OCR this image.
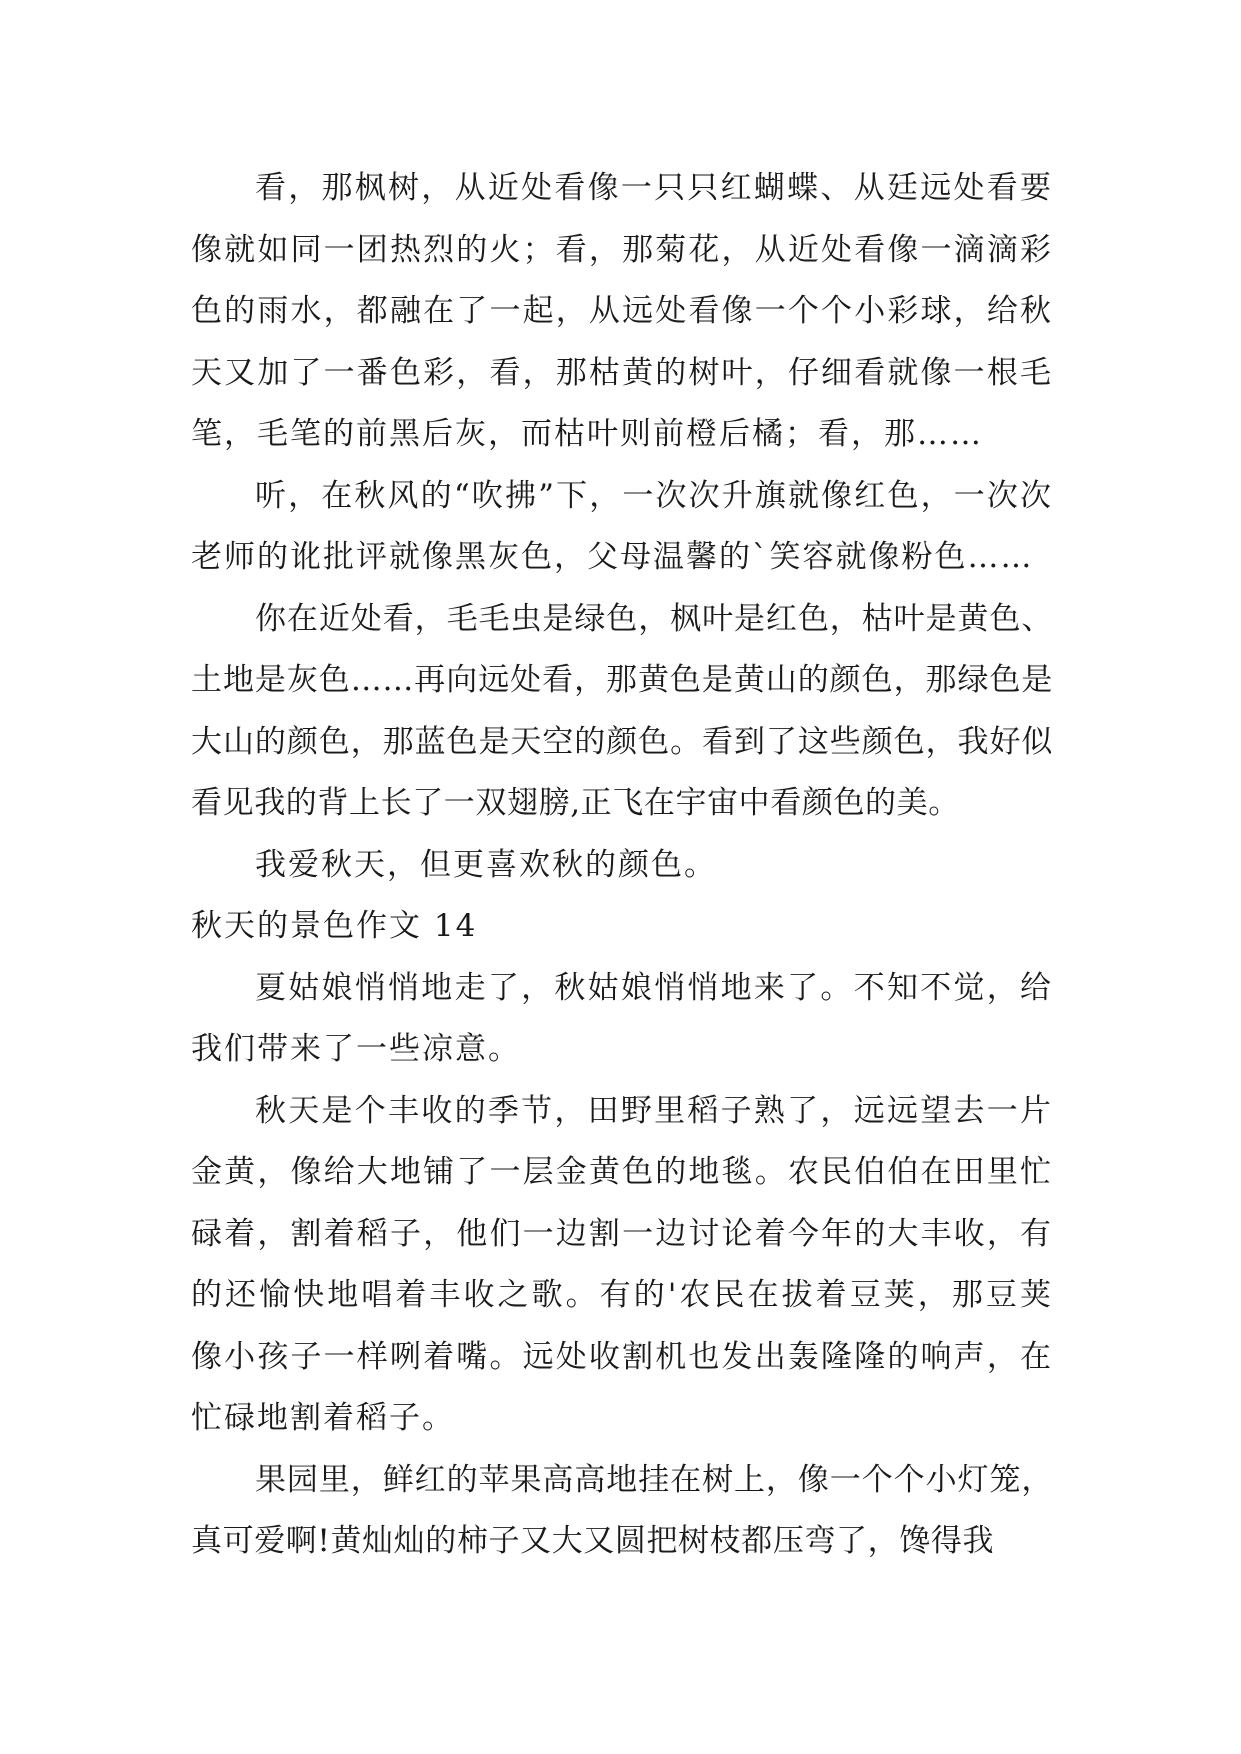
看，那枫树，从近处看像一只只红蝴蝶、从廷远处看要像就如同一团热烈的火；看，那菊花，从近处看像一滴滴彩色的雨水，都融在了一起，从远处看像一个个小彩球，给秋天又加了一番色彩，看，那枯黄的树叶，仔细看就像一根毛笔，毛笔的前黑后灰，而枯叶则前橙后橘；看，那……

听，在秋风的“吹拂”下，一次次升旗就像红色，一次次老师的讹批评就像黑灰色，父母温馨的`笑容就像粉色……

你在近处看，毛毛虫是绿色，枫叶是红色，枯叶是黄色、土地是灰色……再向远处看，那黄色是黄山的颜色，那绿色是大山的颜色，那蓝色是天空的颜色。看到了这些颜色，我好似看见我的背上长了一双翅膀,正飞在宇宙中看颜色的美。

我爱秋天，但更喜欢秋的颜色。

秋天的景色作文 14

夏姑娘悄悄地走了，秋姑娘悄悄地来了。不知不觉，给我们带来了一些凉意。

秋天是个丰收的季节，田野里稻子熟了，远远望去一片金黄，像给大地铺了一层金黄色的地毯。农民伯伯在田里忙碌着，割着稻子，他们一边割一边讨论着今年的大丰收，有的还愉快地唱着丰收之歌。有的'农民在拔着豆荚，那豆荚像小孩子一样咧着嘴。远处收割机也发出轰隆隆的响声，在忙碌地割着稻子。

果园里，鲜红的苹果高高地挂在树上，像一个个小灯笼，真可爱啊!黄灿灿的柿子又大又圆把树枝都压弯了，馋得我
